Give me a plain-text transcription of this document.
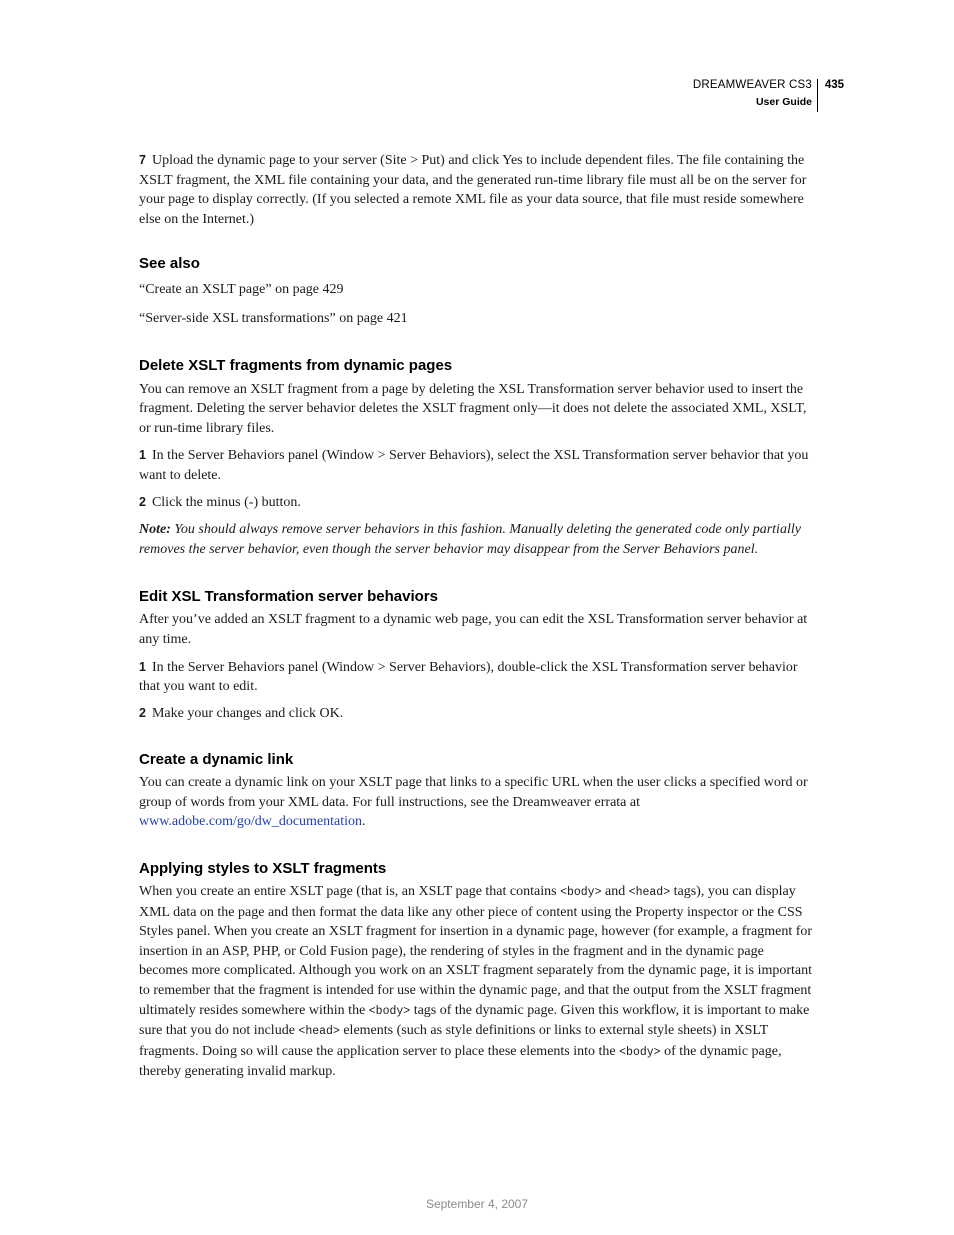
DREAMWEAVER CS3
User Guide
435

7 Upload the dynamic page to your server (Site > Put) and click Yes to include dependent files. The file containing the XSLT fragment, the XML file containing your data, and the generated run-time library file must all be on the server for your page to display correctly. (If you selected a remote XML file as your data source, that file must reside somewhere else on the Internet.)

See also

“Create an XSLT page” on page 429

“Server-side XSL transformations” on page 421

Delete XSLT fragments from dynamic pages

You can remove an XSLT fragment from a page by deleting the XSL Transformation server behavior used to insert the fragment. Deleting the server behavior deletes the XSLT fragment only—it does not delete the associated XML, XSLT, or run-time library files.

1 In the Server Behaviors panel (Window > Server Behaviors), select the XSL Transformation server behavior that you want to delete.

2 Click the minus (-) button.

Note: You should always remove server behaviors in this fashion. Manually deleting the generated code only partially removes the server behavior, even though the server behavior may disappear from the Server Behaviors panel.

Edit XSL Transformation server behaviors

After you’ve added an XSLT fragment to a dynamic web page, you can edit the XSL Transformation server behavior at any time.

1 In the Server Behaviors panel (Window > Server Behaviors), double-click the XSL Transformation server behavior that you want to edit.

2 Make your changes and click OK.

Create a dynamic link

You can create a dynamic link on your XSLT page that links to a specific URL when the user clicks a specified word or group of words from your XML data. For full instructions, see the Dreamweaver errata at www.adobe.com/go/dw_documentation.

Applying styles to XSLT fragments

When you create an entire XSLT page (that is, an XSLT page that contains <body> and <head> tags), you can display XML data on the page and then format the data like any other piece of content using the Property inspector or the CSS Styles panel. When you create an XSLT fragment for insertion in a dynamic page, however (for example, a fragment for insertion in an ASP, PHP, or Cold Fusion page), the rendering of styles in the fragment and in the dynamic page becomes more complicated. Although you work on an XSLT fragment separately from the dynamic page, it is important to remember that the fragment is intended for use within the dynamic page, and that the output from the XSLT fragment ultimately resides somewhere within the <body> tags of the dynamic page. Given this workflow, it is important to make sure that you do not include <head> elements (such as style definitions or links to external style sheets) in XSLT fragments. Doing so will cause the application server to place these elements into the <body> of the dynamic page, thereby generating invalid markup.

September 4, 2007
